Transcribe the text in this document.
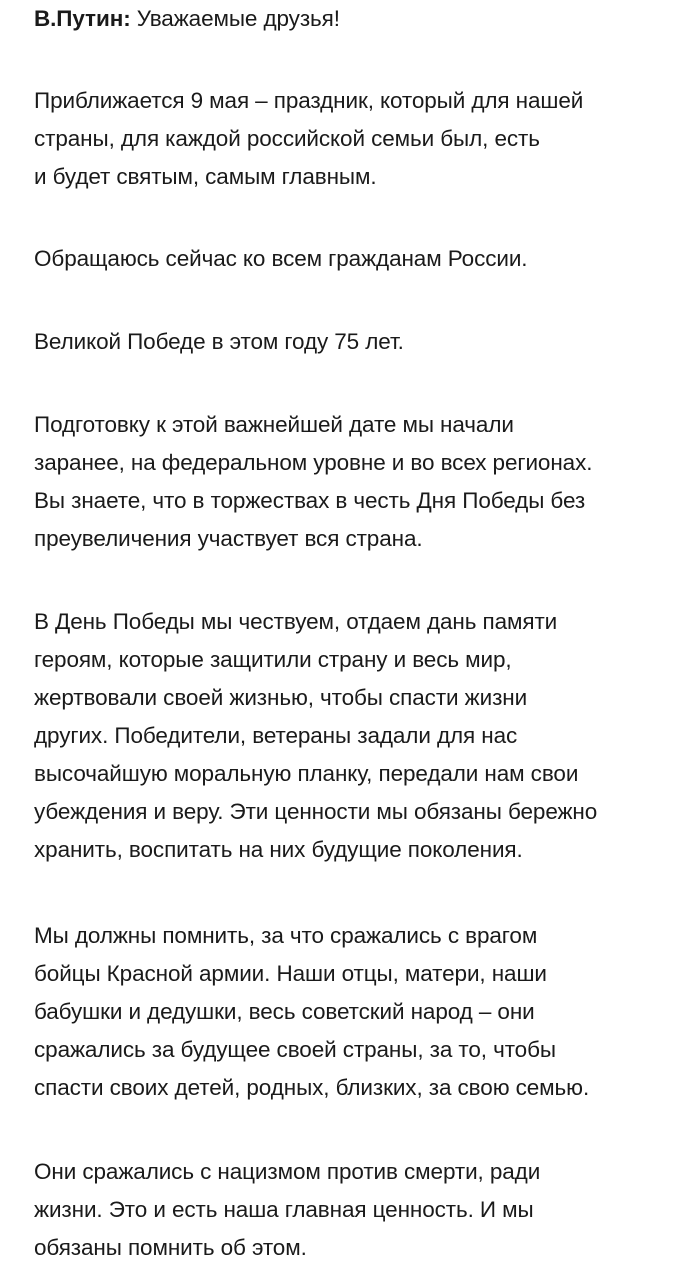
В.Путин: Уважаемые друзья!

Приближается 9 мая – праздник, который для нашей
страны, для каждой российской семьи был, есть
и будет святым, самым главным.

Обращаюсь сейчас ко всем гражданам России.

Великой Победе в этом году 75 лет.

Подготовку к этой важнейшей дате мы начали
заранее, на федеральном уровне и во всех регионах.
Вы знаете, что в торжествах в честь Дня Победы без
преувеличения участвует вся страна.

В День Победы мы чествуем, отдаем дань памяти
героям, которые защитили страну и весь мир,
жертвовали своей жизнью, чтобы спасти жизни
других. Победители, ветераны задали для нас
высочайшую моральную планку, передали нам свои
убеждения и веру. Эти ценности мы обязаны бережно
хранить, воспитать на них будущие поколения.

Мы должны помнить, за что сражались с врагом
бойцы Красной армии. Наши отцы, матери, наши
бабушки и дедушки, весь советский народ – они
сражались за будущее своей страны, за то, чтобы
спасти своих детей, родных, близких, за свою семью.

Они сражались с нацизмом против смерти, ради
жизни. Это и есть наша главная ценность. И мы
обязаны помнить об этом.
